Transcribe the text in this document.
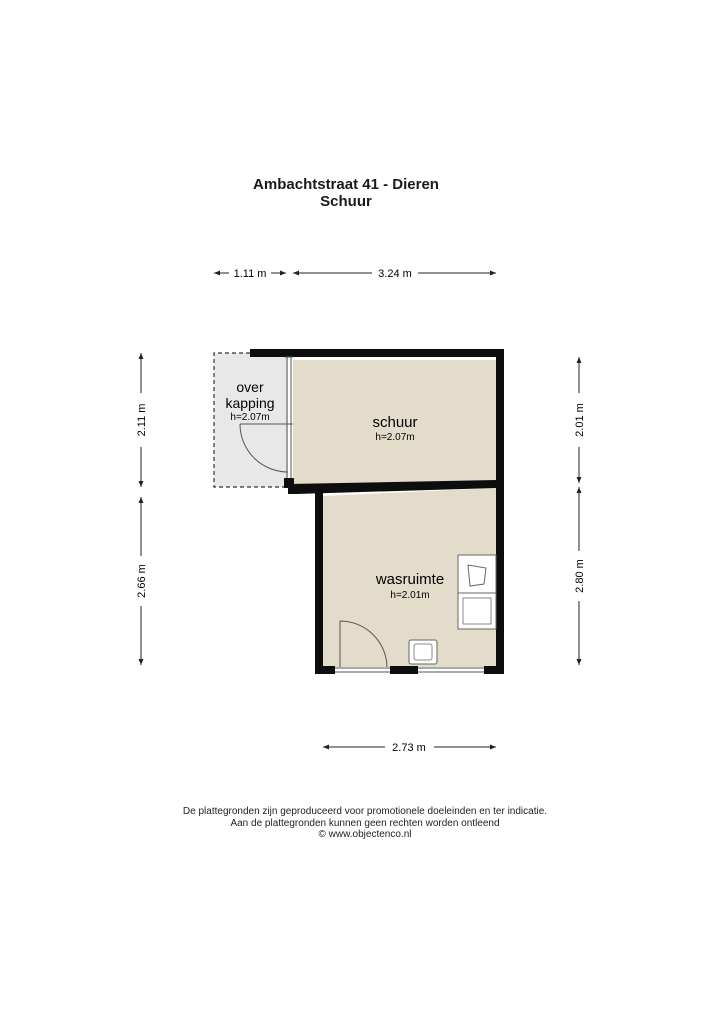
Ambachtstraat 41 - Dieren
Schuur
over
kapping
h=2.07m	schuur
h=2.07m
wasruimte
h=2.01m
1.11 m	3.24 m
2.11 m
2.66 m
2.01 m
2.80 m
2.73 m
De plattegronden zijn geproduceerd voor promotionele doeleinden en ter indicatie.
Aan de plattegronden kunnen geen rechten worden ontleend
© www.objectenco.nl
